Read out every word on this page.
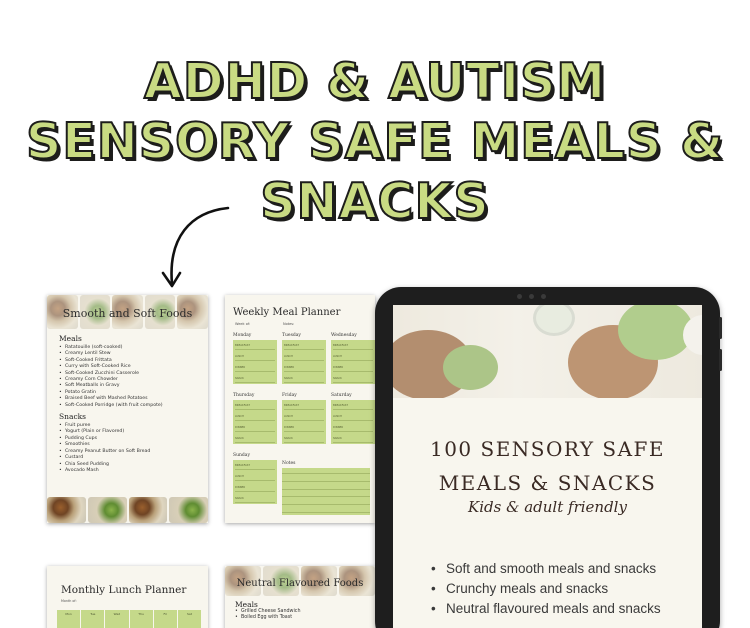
ADHD & AUTISM
SENSORY SAFE MEALS &
SNACKS
Smooth and Soft Foods
Meals
• Ratatouille (soft-cooked)
• Creamy Lentil Stew
• Soft-Cooked Frittata
• Curry with Soft-Cooked Rice
• Soft-Cooked Zucchini Casserole
• Creamy Corn Chowder
• Soft Meatballs in Gravy
• Potato Gratin
• Braised Beef with Mashed Potatoes
• Soft-Cooked Porridge (with fruit compote)
Snacks
• Fruit puree
• Yogurt (Plain or Flavored)
• Pudding Cups
• Smoothies
• Creamy Peanut Butter on Soft Bread
• Custard
• Chia Seed Pudding
• Avocado Mash
Weekly Meal Planner
Week of:	Notes:
Monday
BREAKFAST
LUNCH
DINNER
SNACK
Tuesday
BREAKFAST
LUNCH
DINNER
SNACK
Wednesday
BREAKFAST
LUNCH
DINNER
SNACK
Thursday
BREAKFAST
LUNCH
DINNER
SNACK
Friday
BREAKFAST
LUNCH
DINNER
SNACK
Saturday
BREAKFAST
LUNCH
DINNER
SNACK
Sunday
BREAKFAST
LUNCH
DINNER
SNACK
Notes
Monthly Lunch Planner
Month of:
Mon	Tue	Wed	Thu	Fri	Sat
Neutral Flavoured Foods
Meals
• Grilled Cheese Sandwich
• Boiled Egg with Toast
100 SENSORY SAFE
MEALS & SNACKS
Kids & adult friendly
• Soft and smooth meals and snacks
• Crunchy meals and snacks
• Neutral flavoured meals and snacks
